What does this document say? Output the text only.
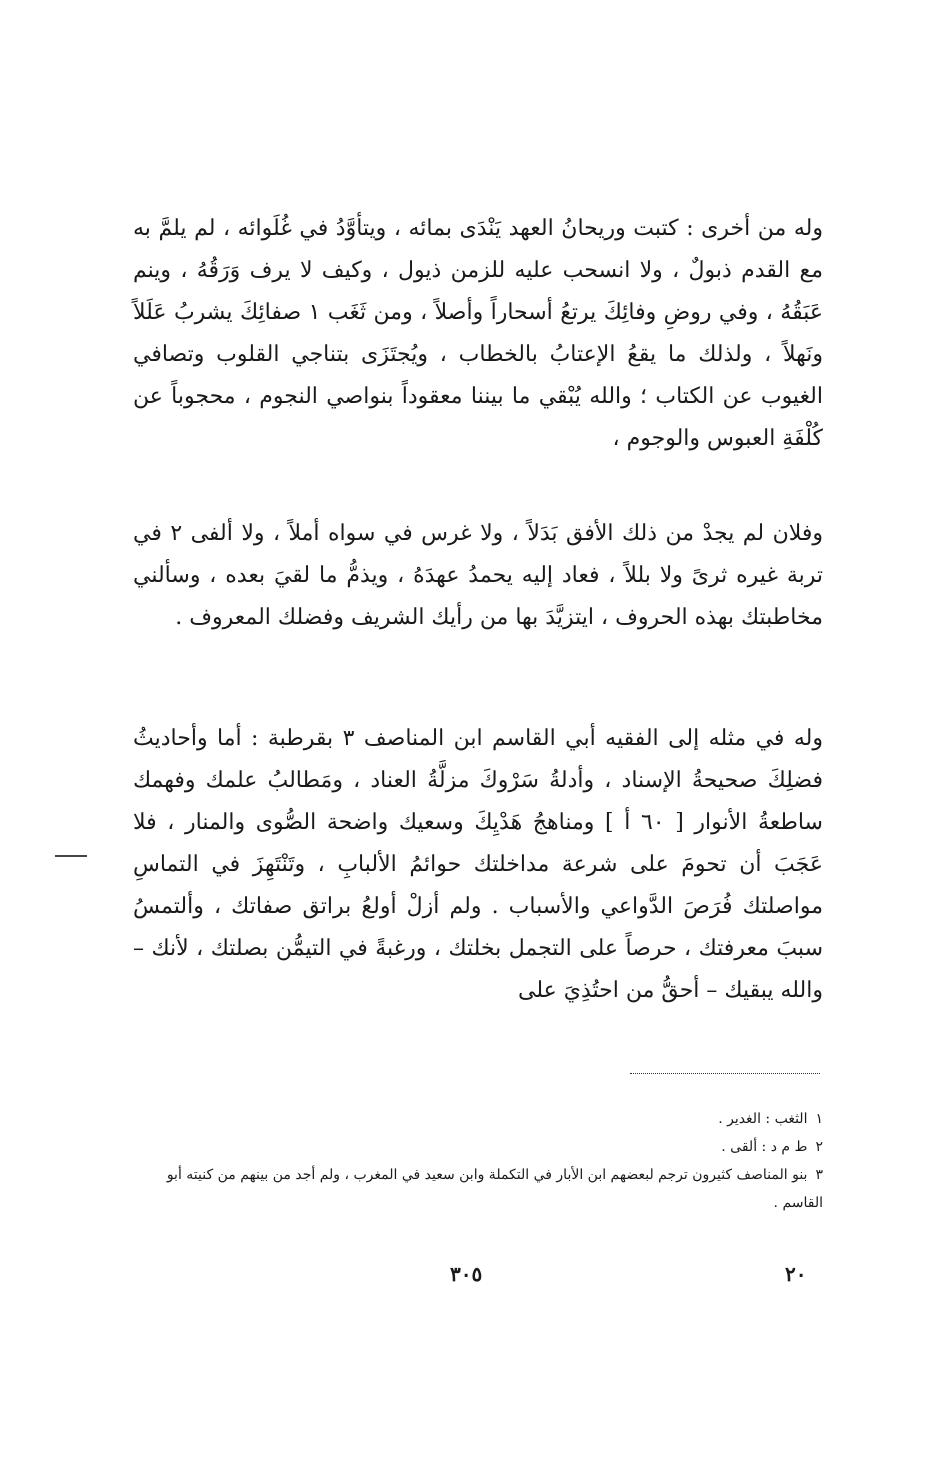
وله من أخرى : كتبت وريحانُ العهد يَنْدَى بمائه ، ويتأوَّدُ في غُلَوائه ، لم يلمَّ به مع القدم ذبولٌ ، ولا انسحب عليه للزمن ذيول ، وكيف لا يرف وَرَقُهُ ، وينم عَبَقُهُ ، وفي روضِ وفائِكَ يرتعُ أسحاراً وأصلاً ، ومن ثَغَب ١ صفائِكَ يشربُ عَلَلاً ونَهلاً ، ولذلك ما يقعُ الإعتابُ بالخطاب ، ويُجتَزَى بتناجي القلوب وتصافي الغيوب عن الكتاب ؛ والله يُبْقي ما بيننا معقوداً بنواصي النجوم ، محجوباً عن كُلْفَةِ العبوس والوجوم ،

وفلان لم يجدْ من ذلك الأفق بَدَلاً ، ولا غرس في سواه أملاً ، ولا ألفى ٢ في تربة غيره ثرىً ولا بللاً ، فعاد إليه يحمدُ عهدَهُ ، ويذمُّ ما لقيَ بعده ، وسألني مخاطبتك بهذه الحروف ، ايتزيَّدَ بها من رأيك الشريف وفضلك المعروف .

وله في مثله إلى الفقيه أبي القاسم ابن المناصف ٣ بقرطبة : أما وأحاديثُ فضلِكَ صحيحةُ الإسناد ، وأدلةُ سَرْوكَ مزلَّةُ العناد ، ومَطالبُ علمك وفهمك ساطعةُ الأنوار [ ٦٠ أ ] ومناهجُ هَدْيِكَ وسعيك واضحة الصُّوى والمنار ، فلا عَجَبَ أن تحومَ على شرعة مداخلتك حوائمُ الألبابِ ، وتَنْتَهِزَ في التماسِ مواصلتك فُرَصَ الدَّواعي والأسباب . ولم أزلْ أولعُ براتق صفاتك ، وألتمسُ سببَ معرفتك ، حرصاً على التجمل بخلتك ، ورغبةً في التيمُّن بصلتك ، لأنك – والله يبقيك – أحقُّ من احتُذِيَ على

١الثغب : الغدير .

٢ط م د : ألقى .

٣بنو المناصف كثيرون ترجم لبعضهم ابن الأبار في التكملة وابن سعيد في المغرب ، ولم أجد من بينهم من كنيته أبو القاسم .

٣٠٥	٢٠
